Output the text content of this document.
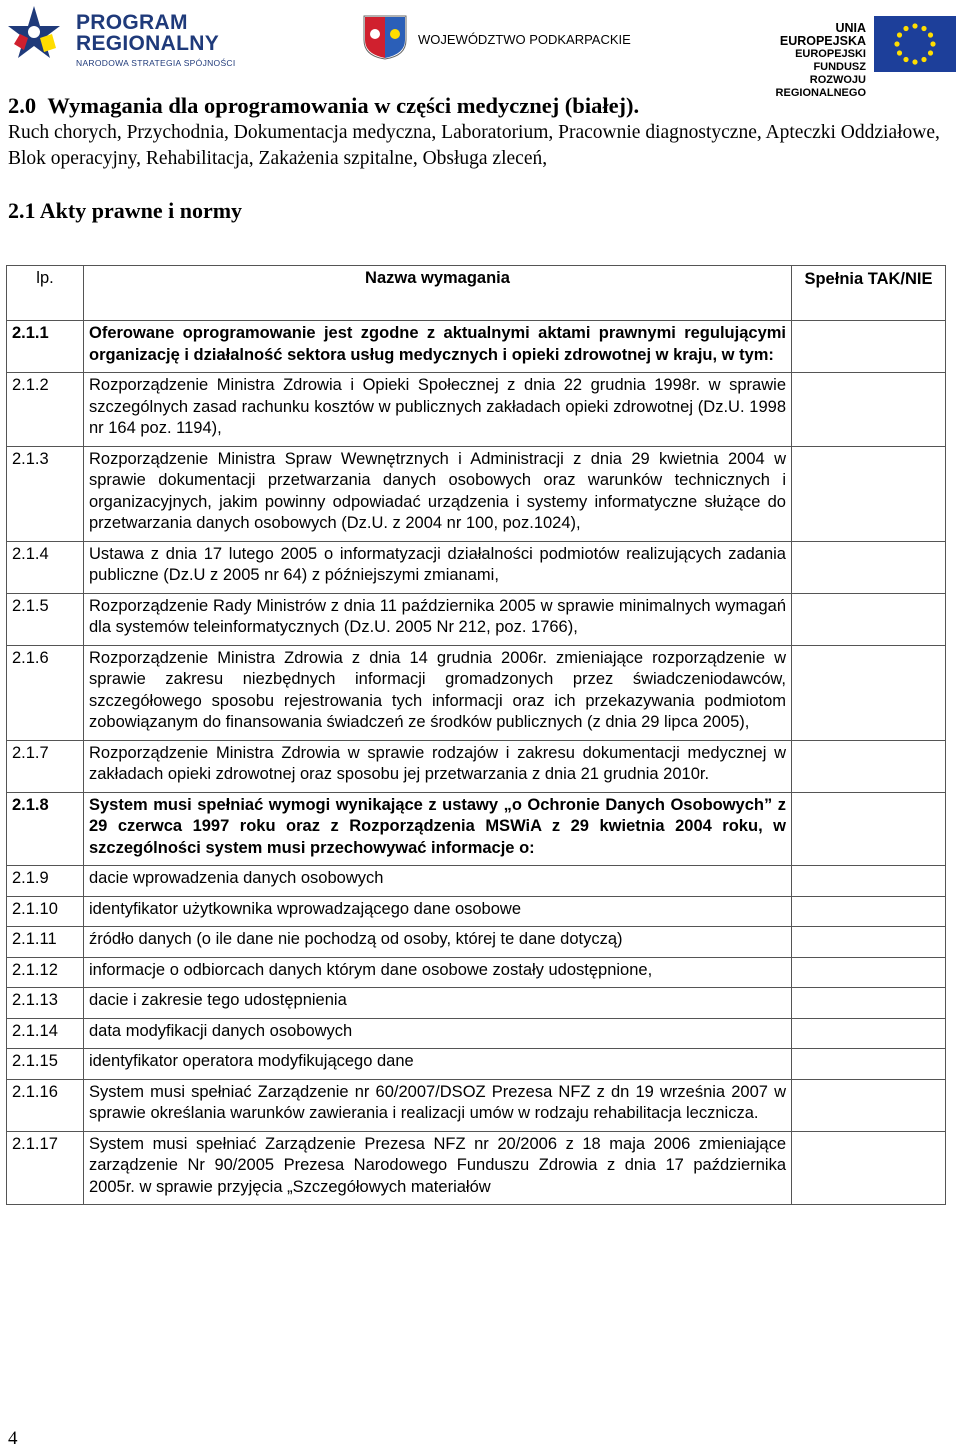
PROGRAM
REGIONALNY
NARODOWA STRATEGIA SPÓJNOŚCI
WOJEWÓDZTWO PODKARPACKIE
UNIA EUROPEJSKA
EUROPEJSKI FUNDUSZ
ROZWOJU REGIONALNEGO
2.0 Wymagania dla oprogramowania w części medycznej (białej).
Ruch chorych, Przychodnia, Dokumentacja medyczna, Laboratorium, Pracownie diagnostyczne, Apteczki Oddziałowe, Blok operacyjny, Rehabilitacja, Zakażenia szpitalne, Obsługa zleceń,
2.1 Akty prawne i normy
lp.	Nazwa wymagania	Spełnia TAK/NIE
2.1.1	Oferowane oprogramowanie jest zgodne z aktualnymi aktami prawnymi regulującymi organizację i działalność sektora usług medycznych i opieki zdrowotnej w kraju, w tym:	
2.1.2	Rozporządzenie Ministra Zdrowia i Opieki Społecznej z dnia 22 grudnia 1998r. w sprawie szczególnych zasad rachunku kosztów w publicznych zakładach opieki zdrowotnej (Dz.U. 1998 nr 164 poz. 1194),	
2.1.3	Rozporządzenie Ministra Spraw Wewnętrznych i Administracji z dnia 29 kwietnia 2004 w sprawie dokumentacji przetwarzania danych osobowych oraz warunków technicznych i organizacyjnych, jakim powinny odpowiadać urządzenia i systemy informatyczne służące do przetwarzania danych osobowych (Dz.U. z 2004 nr 100, poz.1024),	
2.1.4	Ustawa z dnia 17 lutego 2005 o informatyzacji działalności podmiotów realizujących zadania publiczne (Dz.U z 2005 nr 64) z późniejszymi zmianami,	
2.1.5	Rozporządzenie Rady Ministrów z dnia 11 października 2005 w sprawie minimalnych wymagań dla systemów teleinformatycznych (Dz.U. 2005 Nr 212, poz. 1766),	
2.1.6	Rozporządzenie Ministra Zdrowia z dnia 14 grudnia 2006r. zmieniające rozporządzenie w sprawie zakresu niezbędnych informacji gromadzonych przez świadczeniodawców, szczegółowego sposobu rejestrowania tych informacji oraz ich przekazywania podmiotom zobowiązanym do finansowania świadczeń ze środków publicznych (z dnia 29 lipca 2005),	
2.1.7	Rozporządzenie Ministra Zdrowia w sprawie rodzajów i zakresu dokumentacji medycznej w zakładach opieki zdrowotnej oraz sposobu jej przetwarzania z dnia 21 grudnia 2010r.	
2.1.8	System musi spełniać wymogi wynikające z ustawy „o Ochronie Danych Osobowych” z 29 czerwca 1997 roku oraz z Rozporządzenia MSWiA z 29 kwietnia 2004 roku, w szczególności system musi przechowywać informacje o:	
2.1.9	dacie wprowadzenia danych osobowych	
2.1.10	identyfikator użytkownika wprowadzającego dane osobowe	
2.1.11	źródło danych (o ile dane nie pochodzą od osoby, której te dane dotyczą)	
2.1.12	informacje o odbiorcach danych którym dane osobowe zostały udostępnione,	
2.1.13	dacie i zakresie tego udostępnienia	
2.1.14	data modyfikacji danych osobowych	
2.1.15	identyfikator operatora modyfikującego dane	
2.1.16	System musi spełniać Zarządzenie nr 60/2007/DSOZ Prezesa NFZ z dn 19 września 2007 w sprawie określania warunków zawierania i realizacji umów w rodzaju rehabilitacja lecznicza.	
2.1.17	System musi spełniać Zarządzenie Prezesa NFZ nr 20/2006 z 18 maja 2006 zmieniające zarządzenie Nr 90/2005 Prezesa Narodowego Funduszu Zdrowia z dnia 17 października 2005r. w sprawie przyjęcia „Szczegółowych materiałów	
4
